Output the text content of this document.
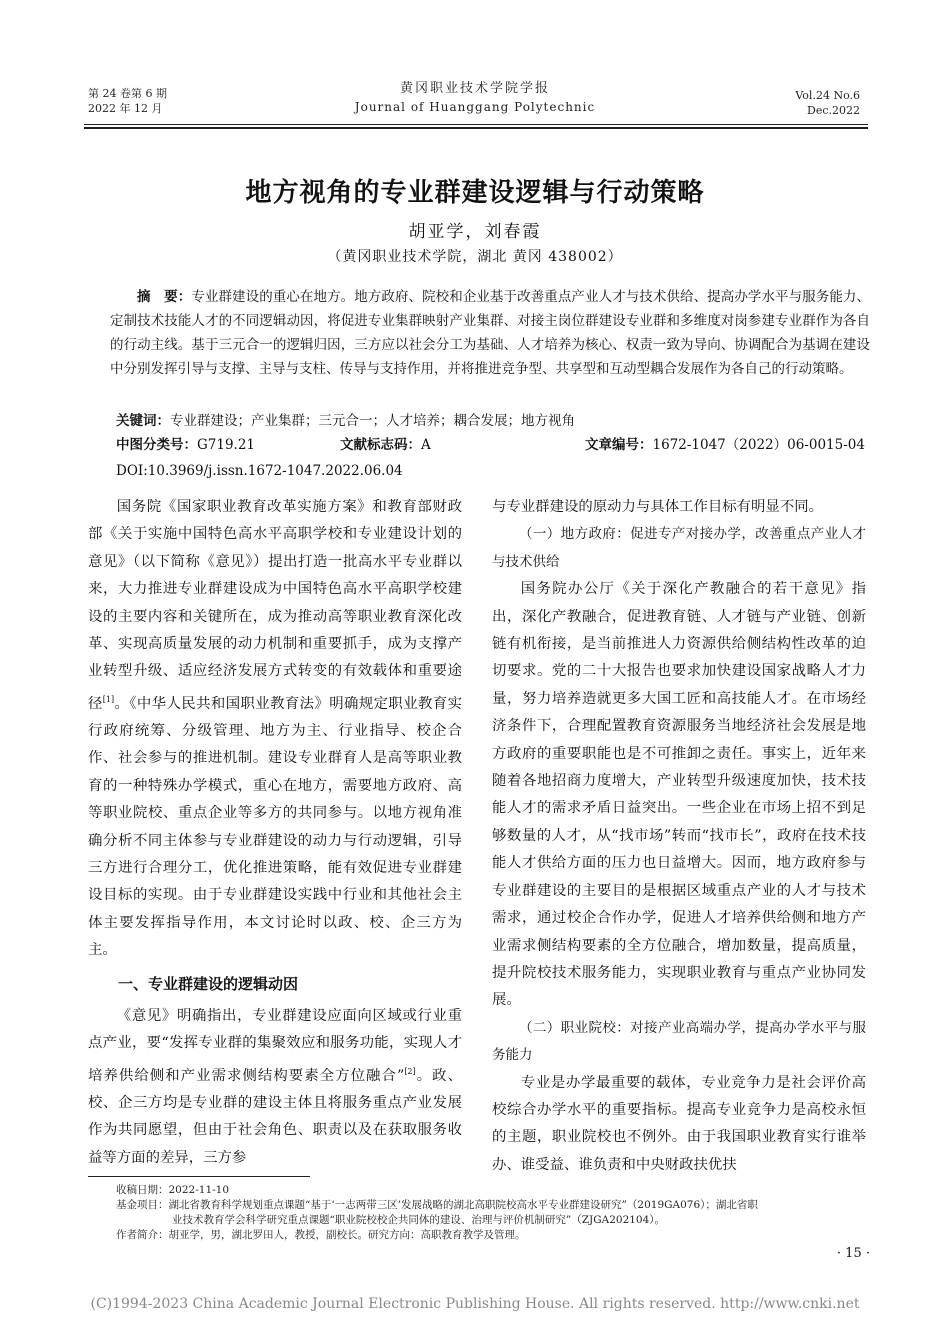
第 24 卷第 6 期
2022 年 12 月
黄冈职业技术学院学报
Journal of Huanggang Polytechnic
Vol.24 No.6
Dec.2022
地方视角的专业群建设逻辑与行动策略
胡亚学，刘春霞
（黄冈职业技术学院，湖北 黄冈 438002）
摘　要：专业群建设的重心在地方。地方政府、院校和企业基于改善重点产业人才与技术供给、提高办学水平与服务能力、定制技术技能人才的不同逻辑动因，将促进专业集群映射产业集群、对接主岗位群建设专业群和多维度对岗参建专业群作为各自的行动主线。基于三元合一的逻辑归因，三方应以社会分工为基础、人才培养为核心、权责一致为导向、协调配合为基调在建设中分别发挥引导与支撑、主导与支柱、传导与支持作用，并将推进竞争型、共享型和互动型耦合发展作为各自己的行动策略。
关键词：专业群建设；产业集群；三元合一；人才培养；耦合发展；地方视角
中图分类号：G719.21	文献标志码：A	文章编号：1672-1047（2022）06-0015-04
DOI:10.3969/j.issn.1672-1047.2022.06.04

国务院《国家职业教育改革实施方案》和教育部财政部《关于实施中国特色高水平高职学校和专业建设计划的意见》（以下简称《意见》）提出打造一批高水平专业群以来，大力推进专业群建设成为中国特色高水平高职学校建设的主要内容和关键所在，成为推动高等职业教育深化改革、实现高质量发展的动力机制和重要抓手，成为支撑产业转型升级、适应经济发展方式转变的有效载体和重要途径[1]。《中华人民共和国职业教育法》明确规定职业教育实行政府统筹、分级管理、地方为主、行业指导、校企合作、社会参与的推进机制。建设专业群育人是高等职业教育的一种特殊办学模式，重心在地方，需要地方政府、高等职业院校、重点企业等多方的共同参与。以地方视角准确分析不同主体参与专业群建设的动力与行动逻辑，引导三方进行合理分工，优化推进策略，能有效促进专业群建设目标的实现。由于专业群建设实践中行业和其他社会主体主要发挥指导作用，本文讨论时以政、校、企三方为主。

一、专业群建设的逻辑动因

《意见》明确指出，专业群建设应面向区域或行业重点产业，要“发挥专业群的集聚效应和服务功能，实现人才培养供给侧和产业需求侧结构要素全方位融合”[2]。政、校、企三方均是专业群的建设主体且将服务重点产业发展作为共同愿望，但由于社会角色、职责以及在获取服务收益等方面的差异，三方参

与专业群建设的原动力与具体工作目标有明显不同。

（一）地方政府：促进专产对接办学，改善重点产业人才与技术供给

国务院办公厅《关于深化产教融合的若干意见》指出，深化产教融合，促进教育链、人才链与产业链、创新链有机衔接，是当前推进人力资源供给侧结构性改革的迫切要求。党的二十大报告也要求加快建设国家战略人才力量，努力培养造就更多大国工匠和高技能人才。在市场经济条件下，合理配置教育资源服务当地经济社会发展是地方政府的重要职能也是不可推卸之责任。事实上，近年来随着各地招商力度增大，产业转型升级速度加快，技术技能人才的需求矛盾日益突出。一些企业在市场上招不到足够数量的人才，从“找市场”转而“找市长”，政府在技术技能人才供给方面的压力也日益增大。因而，地方政府参与专业群建设的主要目的是根据区域重点产业的人才与技术需求，通过校企合作办学，促进人才培养供给侧和地方产业需求侧结构要素的全方位融合，增加数量，提高质量，提升院校技术服务能力，实现职业教育与重点产业协同发展。

（二）职业院校：对接产业高端办学，提高办学水平与服务能力

专业是办学最重要的载体，专业竞争力是社会评价高校综合办学水平的重要指标。提高专业竞争力是高校永恒的主题，职业院校也不例外。由于我国职业教育实行谁举办、谁受益、谁负责和中央财政扶优扶

收稿日期：2022-11-10
基金项目：湖北省教育科学规划重点课题“基于‘一志两带三区’发展战略的湖北高职院校高水平专业群建设研究”（2019GA076）；湖北省职
业技术教育学会科学研究重点课题“职业院校校企共同体的建设、治理与评价机制研究”（ZJGA202104）。
作者简介：胡亚学，男，湖北罗田人，教授，副校长。研究方向：高职教育教学及管理。
· 15 ·
(C)1994-2023 China Academic Journal Electronic Publishing House. All rights reserved. http://www.cnki.net
